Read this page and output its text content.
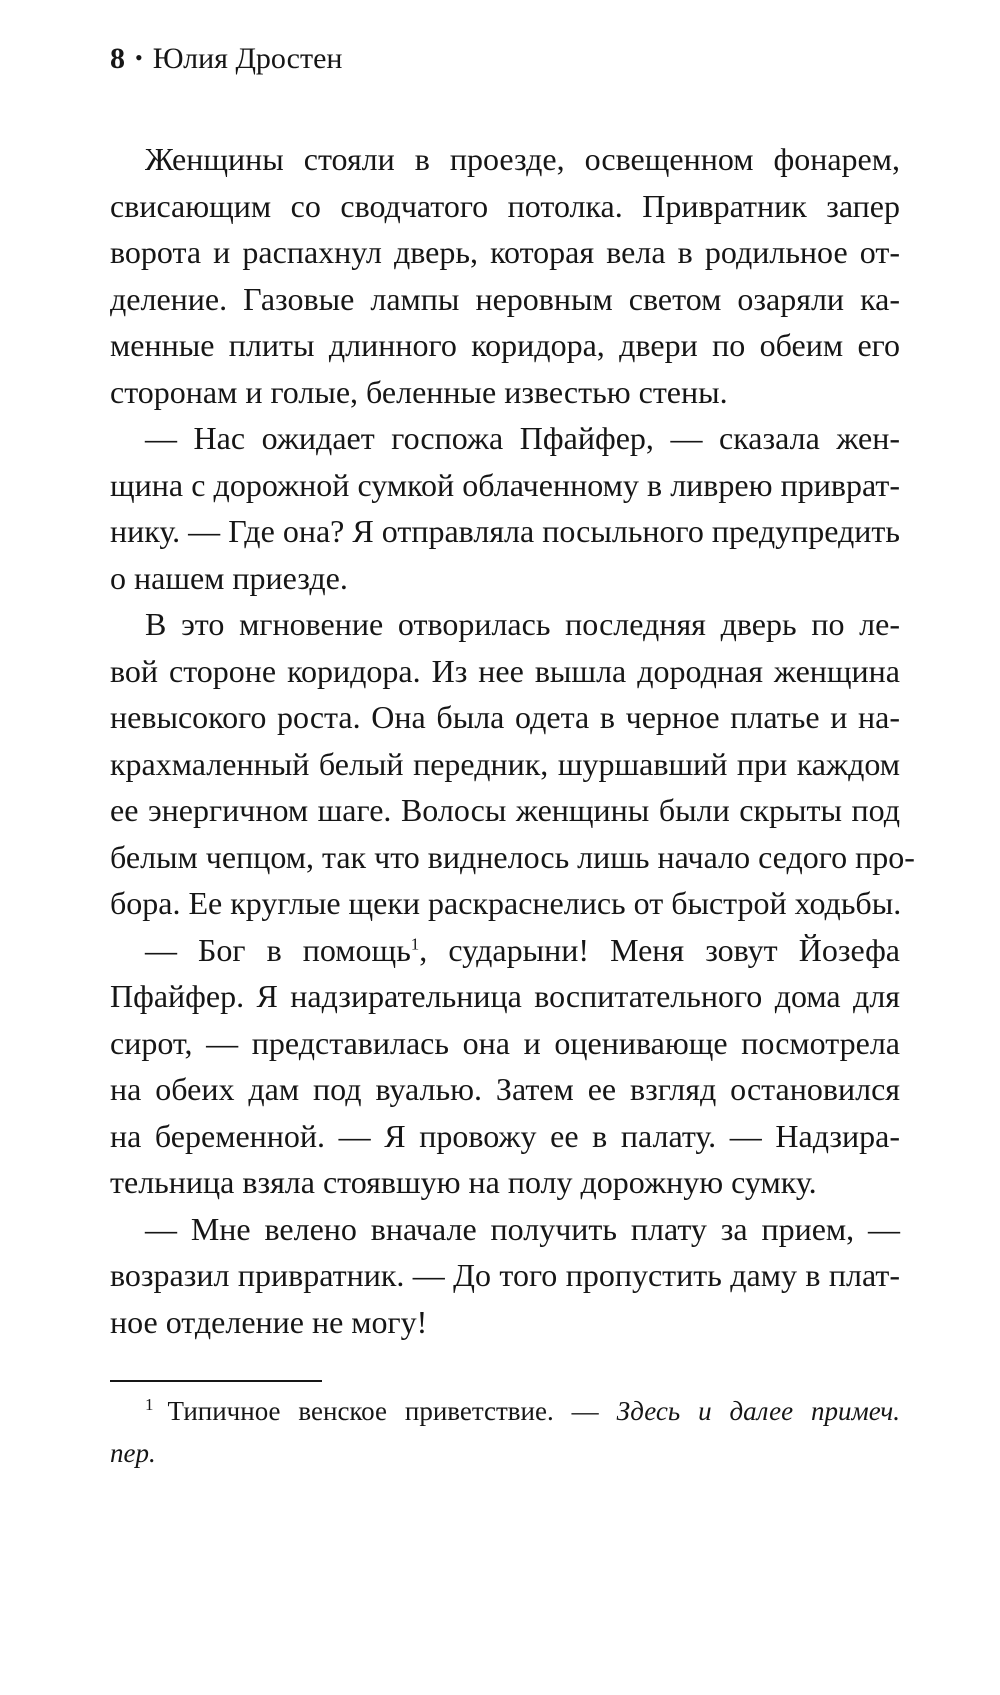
8 • Юлия Дростен
Женщины стояли в проезде, освещенном фонарем,
свисающим со сводчатого потолка. Привратник запер
ворота и распахнул дверь, которая вела в родильное от-
деление. Газовые лампы неровным светом озаряли ка-
менные плиты длинного коридора, двери по обеим его
сторонам и голые, беленные известью стены.
— Нас ожидает госпожа Пфайфер, — сказала жен-
щина с дорожной сумкой облаченному в ливрею приврат-
нику. — Где она? Я отправляла посыльного предупредить
о нашем приезде.
В это мгновение отворилась последняя дверь по ле-
вой стороне коридора. Из нее вышла дородная женщина
невысокого роста. Она была одета в черное платье и на-
крахмаленный белый передник, шуршавший при каждом
ее энергичном шаге. Волосы женщины были скрыты под
белым чепцом, так что виднелось лишь начало седого про-
бора. Ее круглые щеки раскраснелись от быстрой ходьбы.
— Бог в помощь$^1$, сударыни! Меня зовут Йозефа
Пфайфер. Я надзирательница воспитательного дома для
сирот, — представилась она и оценивающе посмотрела
на обеих дам под вуалью. Затем ее взгляд остановился
на беременной. — Я провожу ее в палату. — Надзира-
тельница взяла стоявшую на полу дорожную сумку.
— Мне велено вначале получить плату за прием, —
возразил привратник. — До того пропустить даму в плат-
ное отделение не могу!
$^1$ Типичное венское приветствие. — Здесь и далее примеч.
пер.
